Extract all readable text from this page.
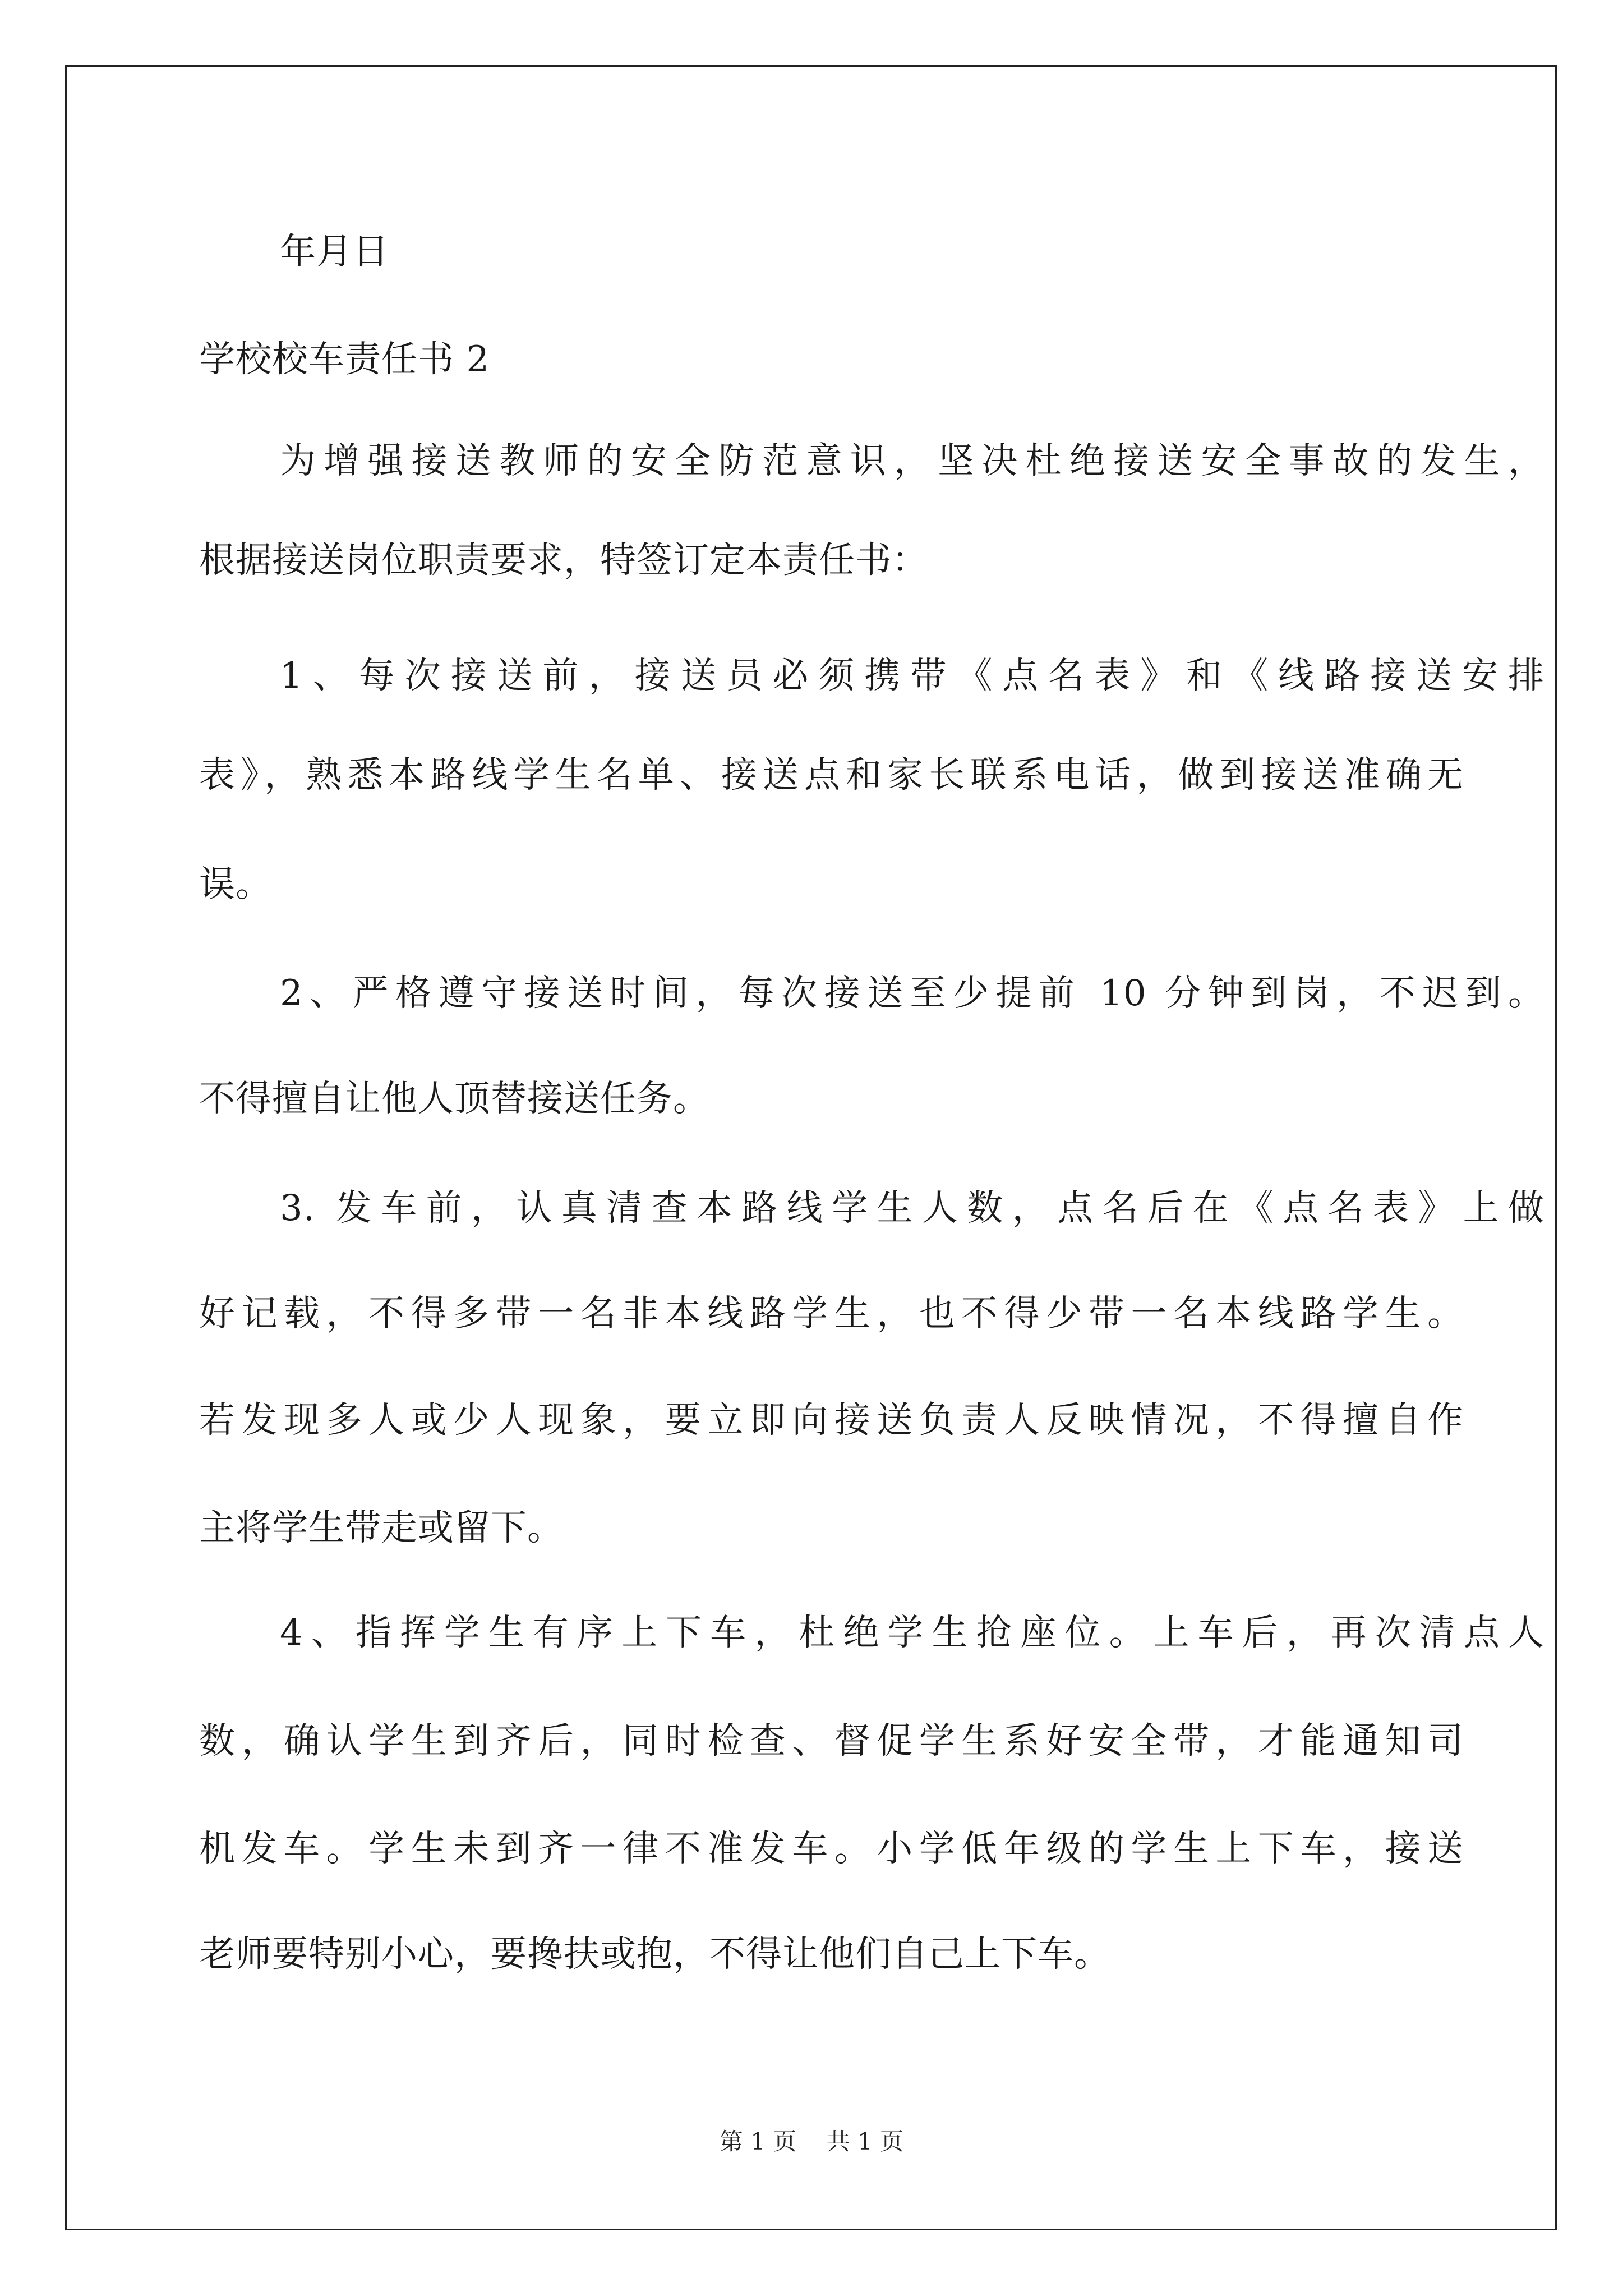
年月日
学校校车责任书 2
为增强接送教师的安全防范意识，坚决杜绝接送安全事故的发生，
根据接送岗位职责要求，特签订定本责任书：
1、每次接送前，接送员必须携带《点名表》和《线路接送安排
表》，熟悉本路线学生名单、接送点和家长联系电话，做到接送准确无
误。
2、严格遵守接送时间，每次接送至少提前 10 分钟到岗，不迟到。
不得擅自让他人顶替接送任务。
3. 发车前，认真清查本路线学生人数，点名后在《点名表》上做
好记载，不得多带一名非本线路学生，也不得少带一名本线路学生。
若发现多人或少人现象，要立即向接送负责人反映情况，不得擅自作
主将学生带走或留下。
4、指挥学生有序上下车，杜绝学生抢座位。上车后，再次清点人
数，确认学生到齐后，同时检查、督促学生系好安全带，才能通知司
机发车。学生未到齐一律不准发车。小学低年级的学生上下车，接送
老师要特别小心，要搀扶或抱，不得让他们自己上下车。
第 1 页    共 1 页
